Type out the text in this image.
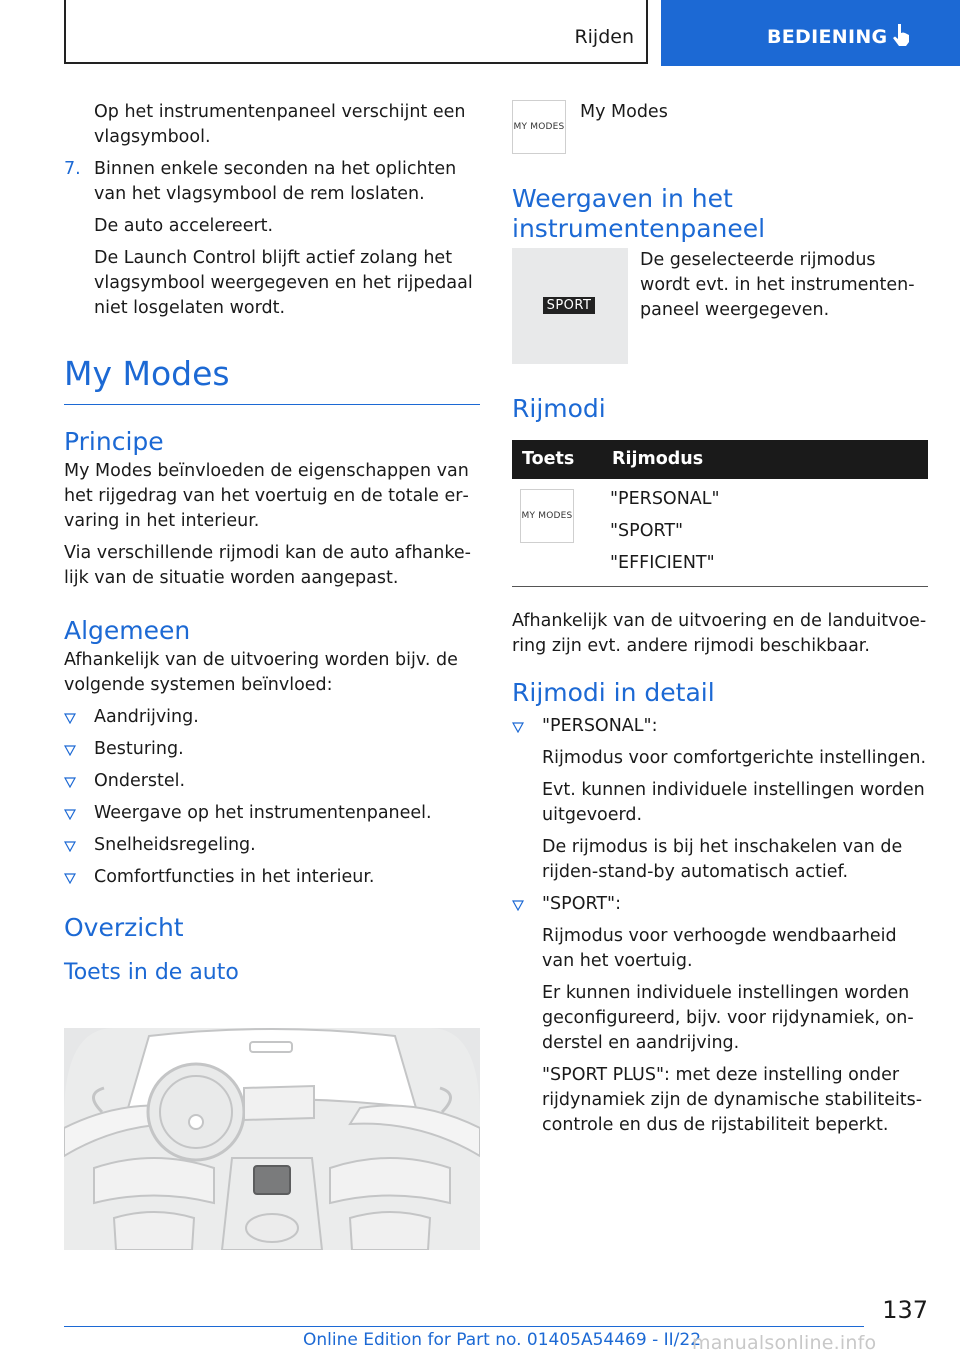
Rijden	BEDIENING

Op het instrumentenpaneel verschijnt een vlagsymbool.

7. Binnen enkele seconden na het oplichten van het vlagsymbool de rem loslaten.

De auto accelereert.

De Launch Control blijft actief zolang het vlagsymbool weergegeven en het rijpedaal niet losgelaten wordt.

My Modes
Principe

My Modes beïnvloeden de eigenschappen van het rijgedrag van het voertuig en de totale ervaring in het interieur.

Via verschillende rijmodi kan de auto afhankelijk van de situatie worden aangepast.

Algemeen

Afhankelijk van de uitvoering worden bijv. de volgende systemen beïnvloed:

Aandrijving.
Besturing.
Onderstel.
Weergave op het instrumentenpaneel.
Snelheidsregeling.
Comfortfuncties in het interieur.
Overzicht
Toets in de auto
MY MODES
My Modes
Weergaven in het instrumentenpaneel
SPORT

De geselecteerde rijmodus wordt evt. in het instrumentenpaneel weergegeven.

Rijmodi
Toets	Rijmodus

MY MODES	"PERSONAL"

"SPORT"

"EFFICIENT"

Afhankelijk van de uitvoering en de landuitvoering zijn evt. andere rijmodi beschikbaar.

Rijmodi in detail

"PERSONAL":

Rijmodus voor comfortgerichte instellingen.

Evt. kunnen individuele instellingen worden uitgevoerd.

De rijmodus is bij het inschakelen van de rijden-stand-by automatisch actief.

"SPORT":

Rijmodus voor verhoogde wendbaarheid van het voertuig.

Er kunnen individuele instellingen worden geconfigureerd, bijv. voor rijdynamiek, onderstel en aandrijving.

"SPORT PLUS": met deze instelling onder rijdynamiek zijn de dynamische stabiliteitscontrole en dus de rijstabiliteit beperkt.

137
Online Edition for Part no. 01405A54469 - II/22
manualsonline.info
